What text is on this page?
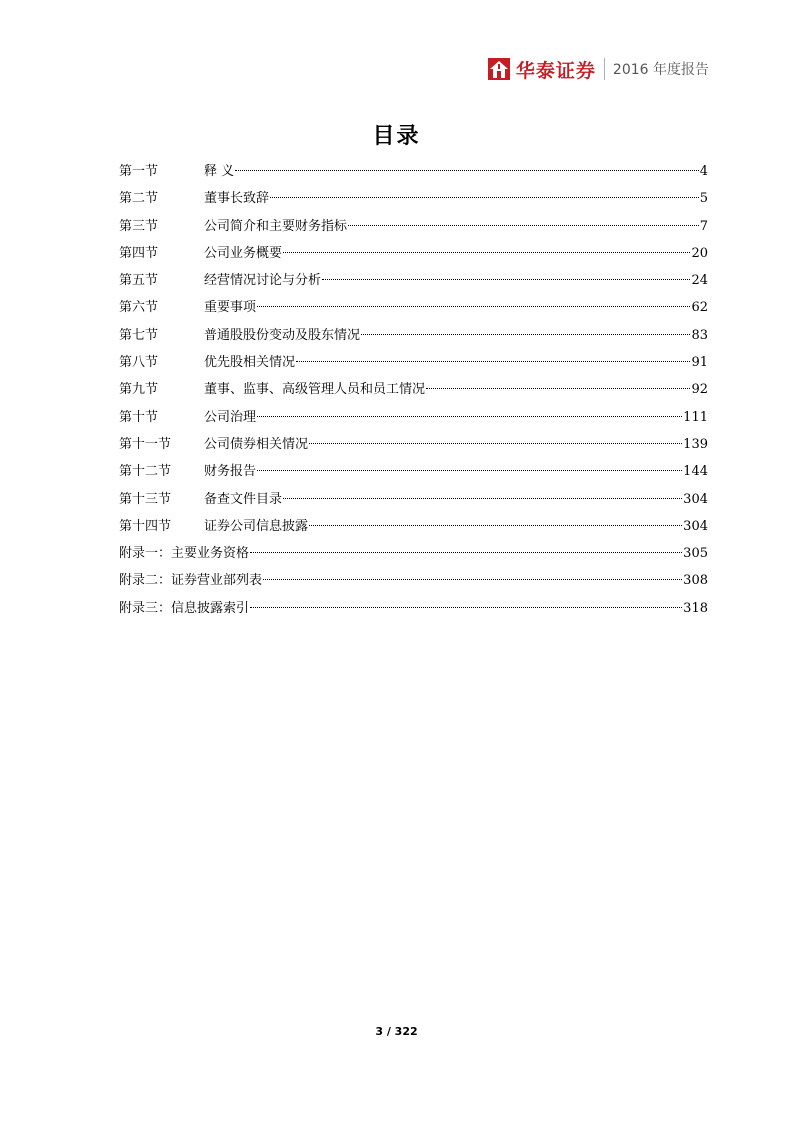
华泰证券 2016 年度报告
目录
第一节	释 义	4
第二节	董事长致辞	5
第三节	公司简介和主要财务指标	7
第四节	公司业务概要	20
第五节	经营情况讨论与分析	24
第六节	重要事项	62
第七节	普通股股份变动及股东情况	83
第八节	优先股相关情况	91
第九节	董事、监事、高级管理人员和员工情况	92
第十节	公司治理	111
第十一节	公司债券相关情况	139
第十二节	财务报告	144
第十三节	备查文件目录	304
第十四节	证券公司信息披露	304
附录一：主要业务资格	305
附录二：证券营业部列表	308
附录三：信息披露索引	318
3 / 322
